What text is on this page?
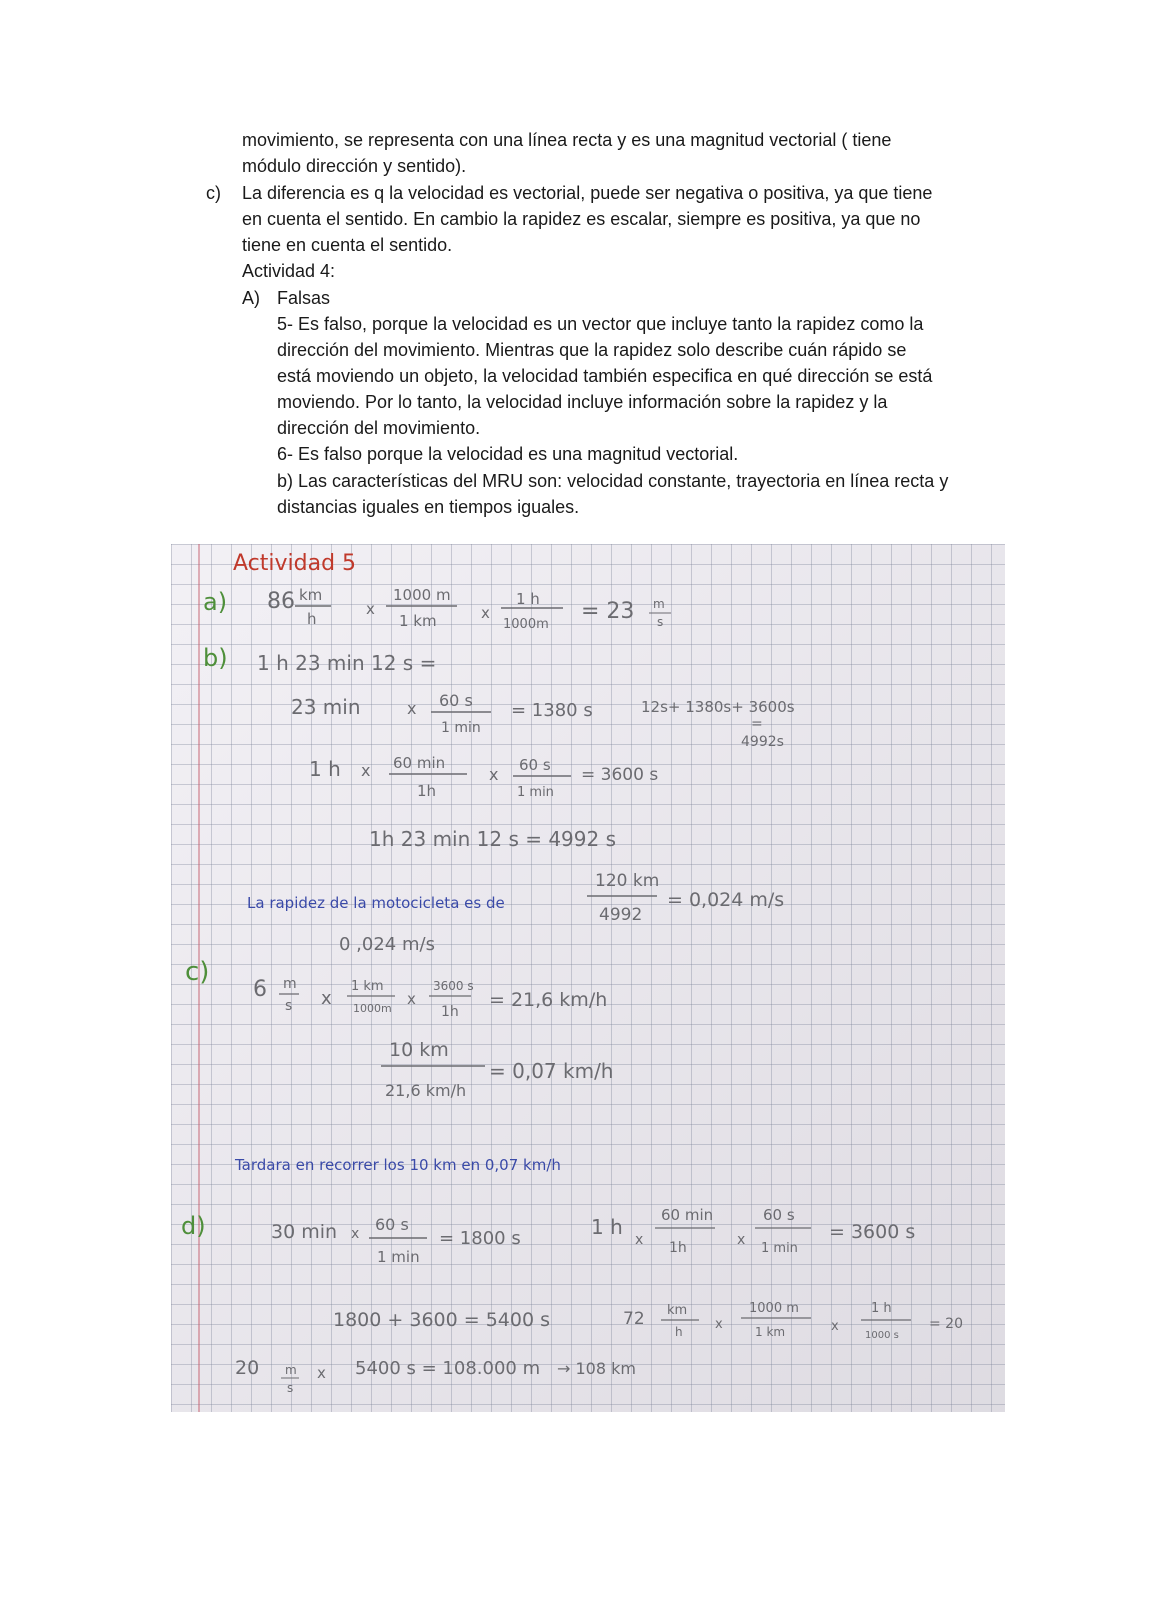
movimiento, se representa con una línea recta y es una magnitud vectorial ( tiene
módulo dirección y sentido).
c) La diferencia es q la velocidad es vectorial, puede ser negativa o positiva, ya que tiene
en cuenta el sentido. En cambio la rapidez es escalar, siempre es positiva, ya que no
tiene en cuenta el sentido.
Actividad 4:
A) Falsas
5- Es falso, porque la velocidad es un vector que incluye tanto la rapidez como la
dirección del movimiento. Mientras que la rapidez solo describe cuán rápido se
está moviendo un objeto, la velocidad también especifica en qué dirección se está
moviendo. Por lo tanto, la velocidad incluye información sobre la rapidez y la
dirección del movimiento.
6- Es falso porque la velocidad es una magnitud vectorial.
b) Las características del MRU son: velocidad constante, trayectoria en línea recta y
distancias iguales en tiempos iguales.
Actividad 5
a) 86 km
h
x
1000 m
1 km	x
1 h
1000m
= 23 m
s
b) 1 h 23 min 12 s =
23 min	x 60 s
1 min
= 1380 s	12s+ 1380s+ 3600s
=
4992s
1 h x 60 min
1h
x 60 s
1 min
= 3600 s
1h 23 min 12 s = 4992 s
La rapidez de la motocicleta es de
120 km
4992
= 0,024 m/s
0 ,024 m/s
c)
6 m
s x
1 km
1000m
x
3600 s
1h
= 21,6 km/h
10 km
21,6 km/h
= 0,07 km/h
Tardara en recorrer los 10 km en 0,07 km/h
d)	30 min x 60 s
1 min
= 1800 s	1 h
x
60 min
1h	x
60 s
1 min
= 3600 s
1800 + 3600 = 5400 s	72 km
h x
1000 m
1 km	x
1 h
1000 s
= 20
20 m
s
x 5400 s = 108.000 m → 108 km
